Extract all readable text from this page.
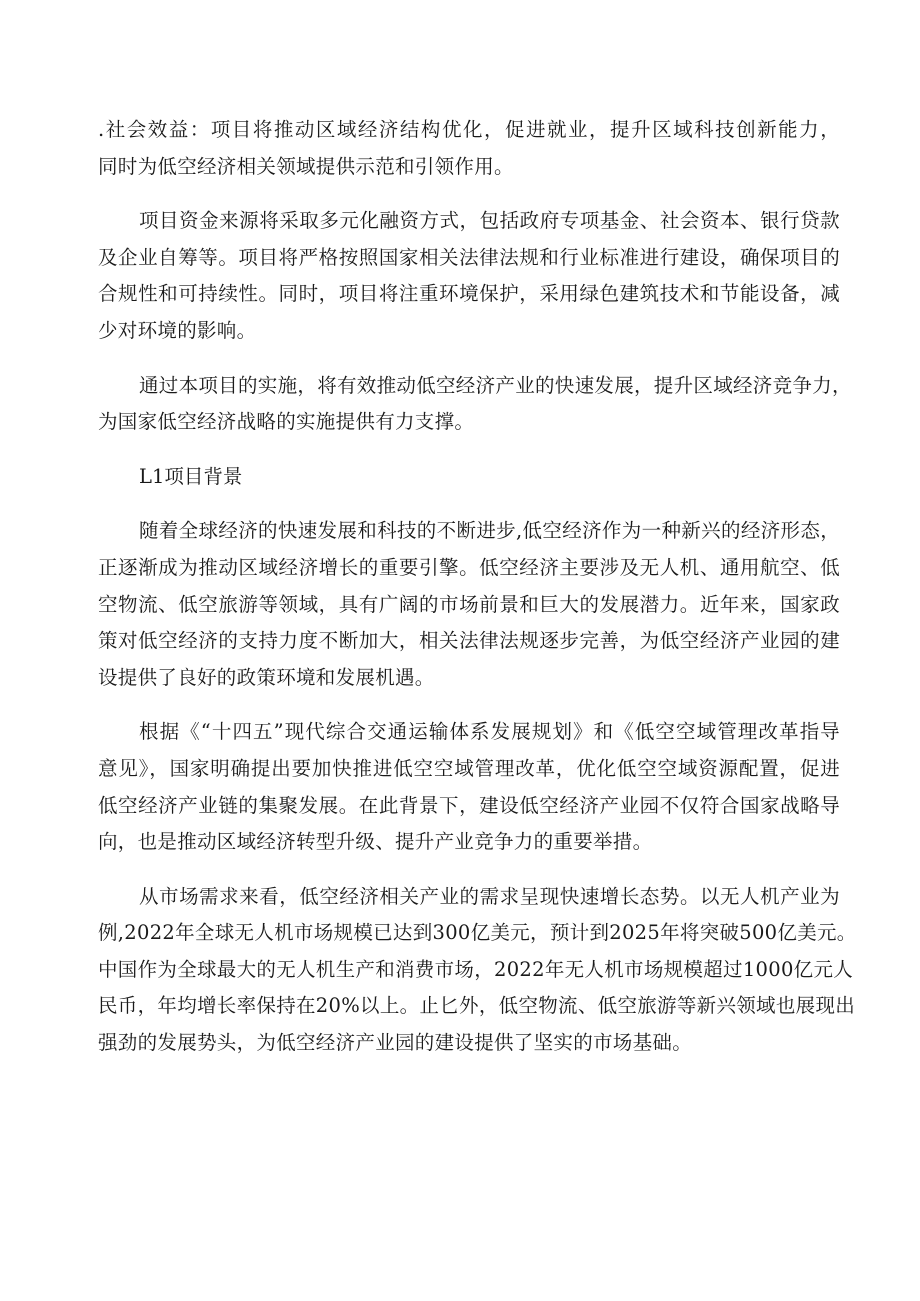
.社会效益：项目将推动区域经济结构优化，促进就业，提升区域科技创新能力，
同时为低空经济相关领域提供示范和引领作用。

项目资金来源将采取多元化融资方式，包括政府专项基金、社会资本、银行贷款
及企业自筹等。项目将严格按照国家相关法律法规和行业标准进行建设，确保项目的
合规性和可持续性。同时，项目将注重环境保护，采用绿色建筑技术和节能设备，减
少对环境的影响。

通过本项目的实施，将有效推动低空经济产业的快速发展，提升区域经济竞争力，
为国家低空经济战略的实施提供有力支撑。

L1项目背景

随着全球经济的快速发展和科技的不断进步,低空经济作为一种新兴的经济形态，
正逐渐成为推动区域经济增长的重要引擎。低空经济主要涉及无人机、通用航空、低
空物流、低空旅游等领域，具有广阔的市场前景和巨大的发展潜力。近年来，国家政
策对低空经济的支持力度不断加大，相关法律法规逐步完善，为低空经济产业园的建
设提供了良好的政策环境和发展机遇。

根据《“十四五”现代综合交通运输体系发展规划》和《低空空域管理改革指导
意见》，国家明确提出要加快推进低空空域管理改革，优化低空空域资源配置，促进
低空经济产业链的集聚发展。在此背景下，建设低空经济产业园不仅符合国家战略导
向，也是推动区域经济转型升级、提升产业竞争力的重要举措。

从市场需求来看，低空经济相关产业的需求呈现快速增长态势。以无人机产业为
例,2022年全球无人机市场规模已达到300亿美元，预计到2025年将突破500亿美元。
中国作为全球最大的无人机生产和消费市场，2022年无人机市场规模超过1000亿元人
民币，年均增长率保持在20%以上。止匕外，低空物流、低空旅游等新兴领域也展现出
强劲的发展势头，为低空经济产业园的建设提供了坚实的市场基础。
